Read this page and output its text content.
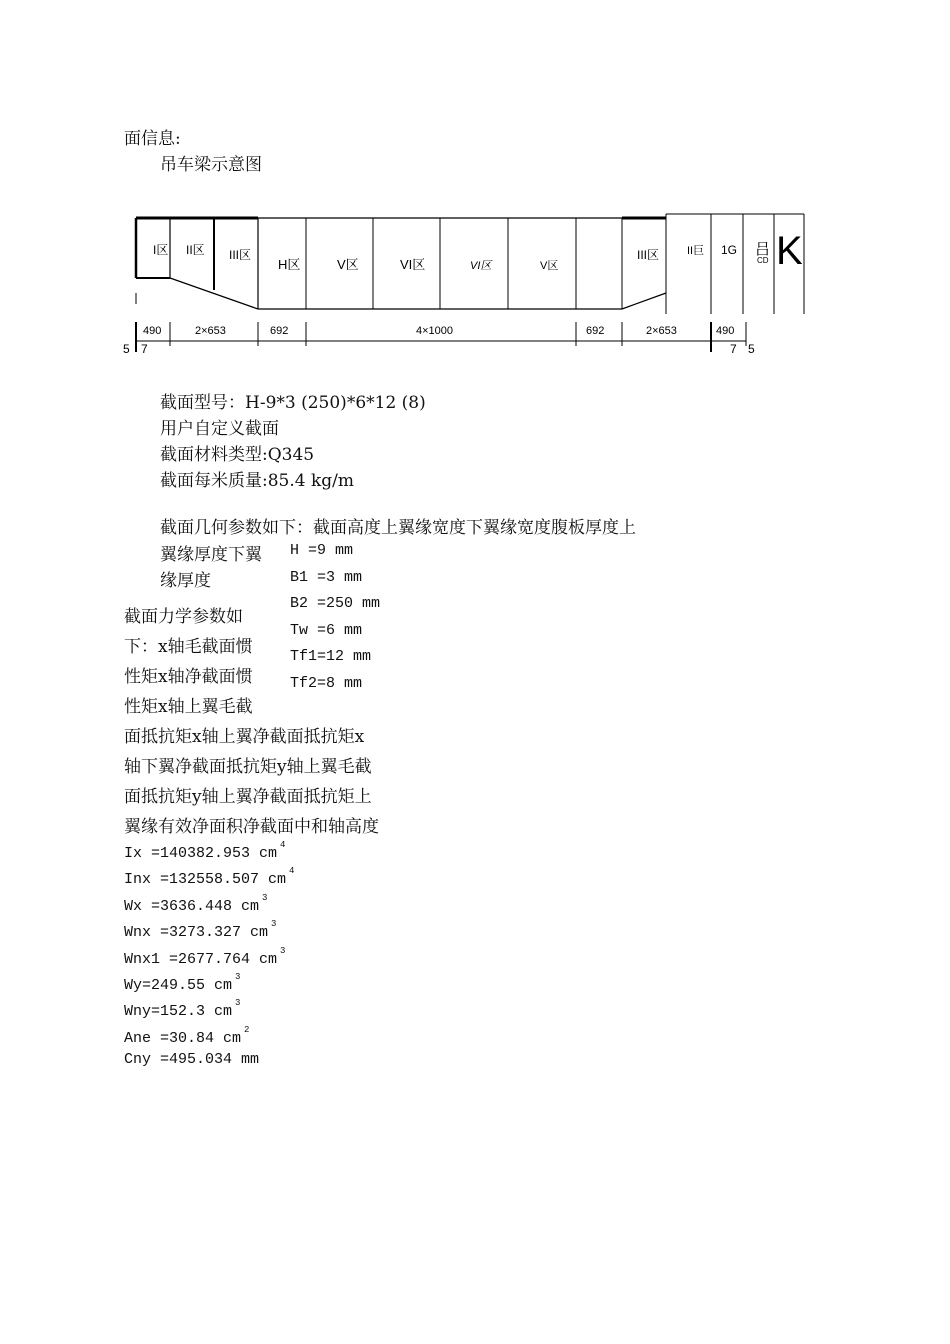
面信息:
吊车梁示意图
I区 II区 III区
H区	V区	VI区	VI区	V区
III区	II巨 1G 吕
CD K
490	2×653	692	4×1000	692	2×653	490
5 7	7 5
截面型号：H-9*3 (250)*6*12 (8)
用户自定义截面
截面材料类型:Q345
截面每米质量:85.4 kg/m
截面几何参数如下：截面高度上翼缘宽度下翼缘宽度腹板厚度上
翼缘厚度下翼
缘厚度
H =9 mm
B1 =3 mm
B2 =250 mm
Tw =6 mm
Tf1=12 mm
Tf2=8 mm
截面力学参数如
下：x轴毛截面惯
性矩x轴净截面惯
性矩x轴上翼毛截
面抵抗矩x轴上翼净截面抵抗矩x
轴下翼净截面抵抗矩y轴上翼毛截
面抵抗矩y轴上翼净截面抵抗矩上
翼缘有效净面积净截面中和轴高度
Ix =140382.953 cm $^4$
Inx =132558.507 cm $^4$
Wx =3636.448 cm $^3$
Wnx =3273.327 cm $^3$
Wnx1 =2677.764 cm $^3$
Wy=249.55 cm $^3$
Wny=152.3 cm $^3$
Ane =30.84 cm $^2$
Cny =495.034 mm
